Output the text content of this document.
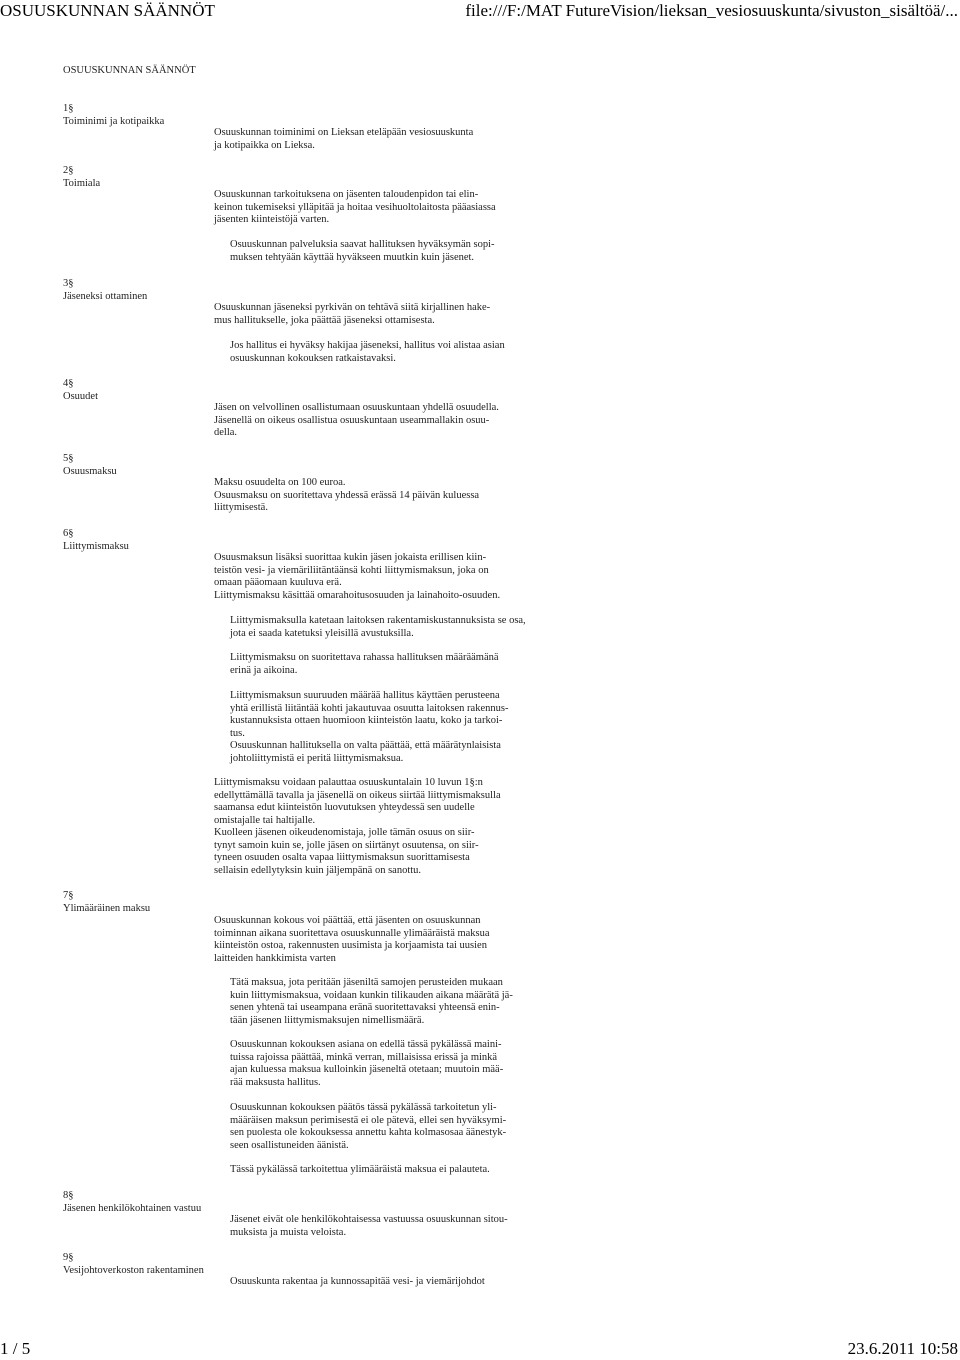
OSUUSKUNNAN SÄÄNNÖT	file:///F:/MAT FutureVision/lieksan_vesiosuuskunta/sivuston_sisältöä/...
OSUUSKUNNAN SÄÄNNÖT
1§
Toiminimi ja kotipaikka
2§
Toimiala
3§
Jäseneksi ottaminen
4§
Osuudet
5§
Osuusmaksu
6§
Liittymismaksu
7§
Ylimääräinen maksu
8§
Jäsenen henkilökohtainen vastuu
9§
Vesijohtoverkoston rakentaminen
Osuuskunnan toiminimi on Lieksan eteläpään vesiosuuskunta
ja kotipaikka on Lieksa.
Osuuskunnan tarkoituksena on jäsenten taloudenpidon tai elin-
keinon tukemiseksi ylläpitää ja hoitaa vesihuoltolaitosta pääasiassa
jäsenten kiinteistöjä varten.
Osuuskunnan palveluksia saavat hallituksen hyväksymän sopi-
muksen tehtyään käyttää hyväkseen muutkin kuin jäsenet.
Osuuskunnan jäseneksi pyrkivän on tehtävä siitä kirjallinen hake-
mus hallitukselle, joka päättää jäseneksi ottamisesta.
Jos hallitus ei hyväksy hakijaa jäseneksi, hallitus voi alistaa asian
osuuskunnan kokouksen ratkaistavaksi.
Jäsen on velvollinen osallistumaan osuuskuntaan yhdellä osuudella.
Jäsenellä on oikeus osallistua osuuskuntaan useammallakin osuu-
della.
Maksu osuudelta on 100 euroa.
Osuusmaksu on suoritettava yhdessä erässä 14 päivän kuluessa
liittymisestä.
Osuusmaksun lisäksi suorittaa kukin jäsen jokaista erillisen kiin-
teistön vesi- ja viemäriliitäntäänsä kohti liittymismaksun, joka on
omaan pääomaan kuuluva erä.
Liittymismaksu käsittää omarahoitusosuuden ja lainahoito-osuuden.
Liittymismaksulla katetaan laitoksen rakentamiskustannuksista se osa,
jota ei saada katetuksi yleisillä avustuksilla.
Liittymismaksu on suoritettava rahassa hallituksen määräämänä
erinä ja aikoina.
Liittymismaksun suuruuden määrää hallitus käyttäen perusteena
yhtä erillistä liitäntää kohti jakautuvaa osuutta laitoksen rakennus-
kustannuksista ottaen huomioon kiinteistön laatu, koko ja tarkoi-
tus.
Osuuskunnan hallituksella on valta päättää, että määrätynlaisista
johtoliittymistä ei peritä liittymismaksua.
Liittymismaksu voidaan palauttaa osuuskuntalain 10 luvun 1§:n
edellyttämällä tavalla ja jäsenellä on oikeus siirtää liittymismaksulla
saamansa edut kiinteistön luovutuksen yhteydessä sen uudelle
omistajalle tai haltijalle.
Kuolleen jäsenen oikeudenomistaja, jolle tämän osuus on siir-
tynyt samoin kuin se, jolle jäsen on siirtänyt osuutensa, on siir-
tyneen osuuden osalta vapaa liittymismaksun suorittamisesta
sellaisin edellytyksin kuin jäljempänä on sanottu.
Osuuskunnan kokous voi päättää, että jäsenten on osuuskunnan
toiminnan aikana suoritettava osuuskunnalle ylimääräistä maksua
kiinteistön ostoa, rakennusten uusimista ja korjaamista tai uusien
laitteiden hankkimista varten
Tätä maksua, jota peritään jäseniltä samojen perusteiden mukaan
kuin liittymismaksua, voidaan kunkin tilikauden aikana määrätä jä-
senen yhtenä tai useampana eränä suoritettavaksi yhteensä enin-
tään jäsenen liittymismaksujen nimellismäärä.
Osuuskunnan kokouksen asiana on edellä tässä pykälässä maini-
tuissa rajoissa päättää, minkä verran, millaisissa erissä ja minkä
ajan kuluessa maksua kulloinkin jäseneltä otetaan; muutoin mää-
rää maksusta hallitus.
Osuuskunnan kokouksen päätös tässä pykälässä tarkoitetun yli-
määräisen maksun perimisestä ei ole pätevä, ellei sen hyväksymi-
sen puolesta ole kokouksessa annettu kahta kolmasosaa äänestyk-
seen osallistuneiden äänistä.
Tässä pykälässä tarkoitettua ylimääräistä maksua ei palauteta.
Jäsenet eivät ole henkilökohtaisessa vastuussa osuuskunnan sitou-
muksista ja muista veloista.
Osuuskunta rakentaa ja kunnossapitää vesi- ja viemärijohdot
1 / 5	23.6.2011 10:58
